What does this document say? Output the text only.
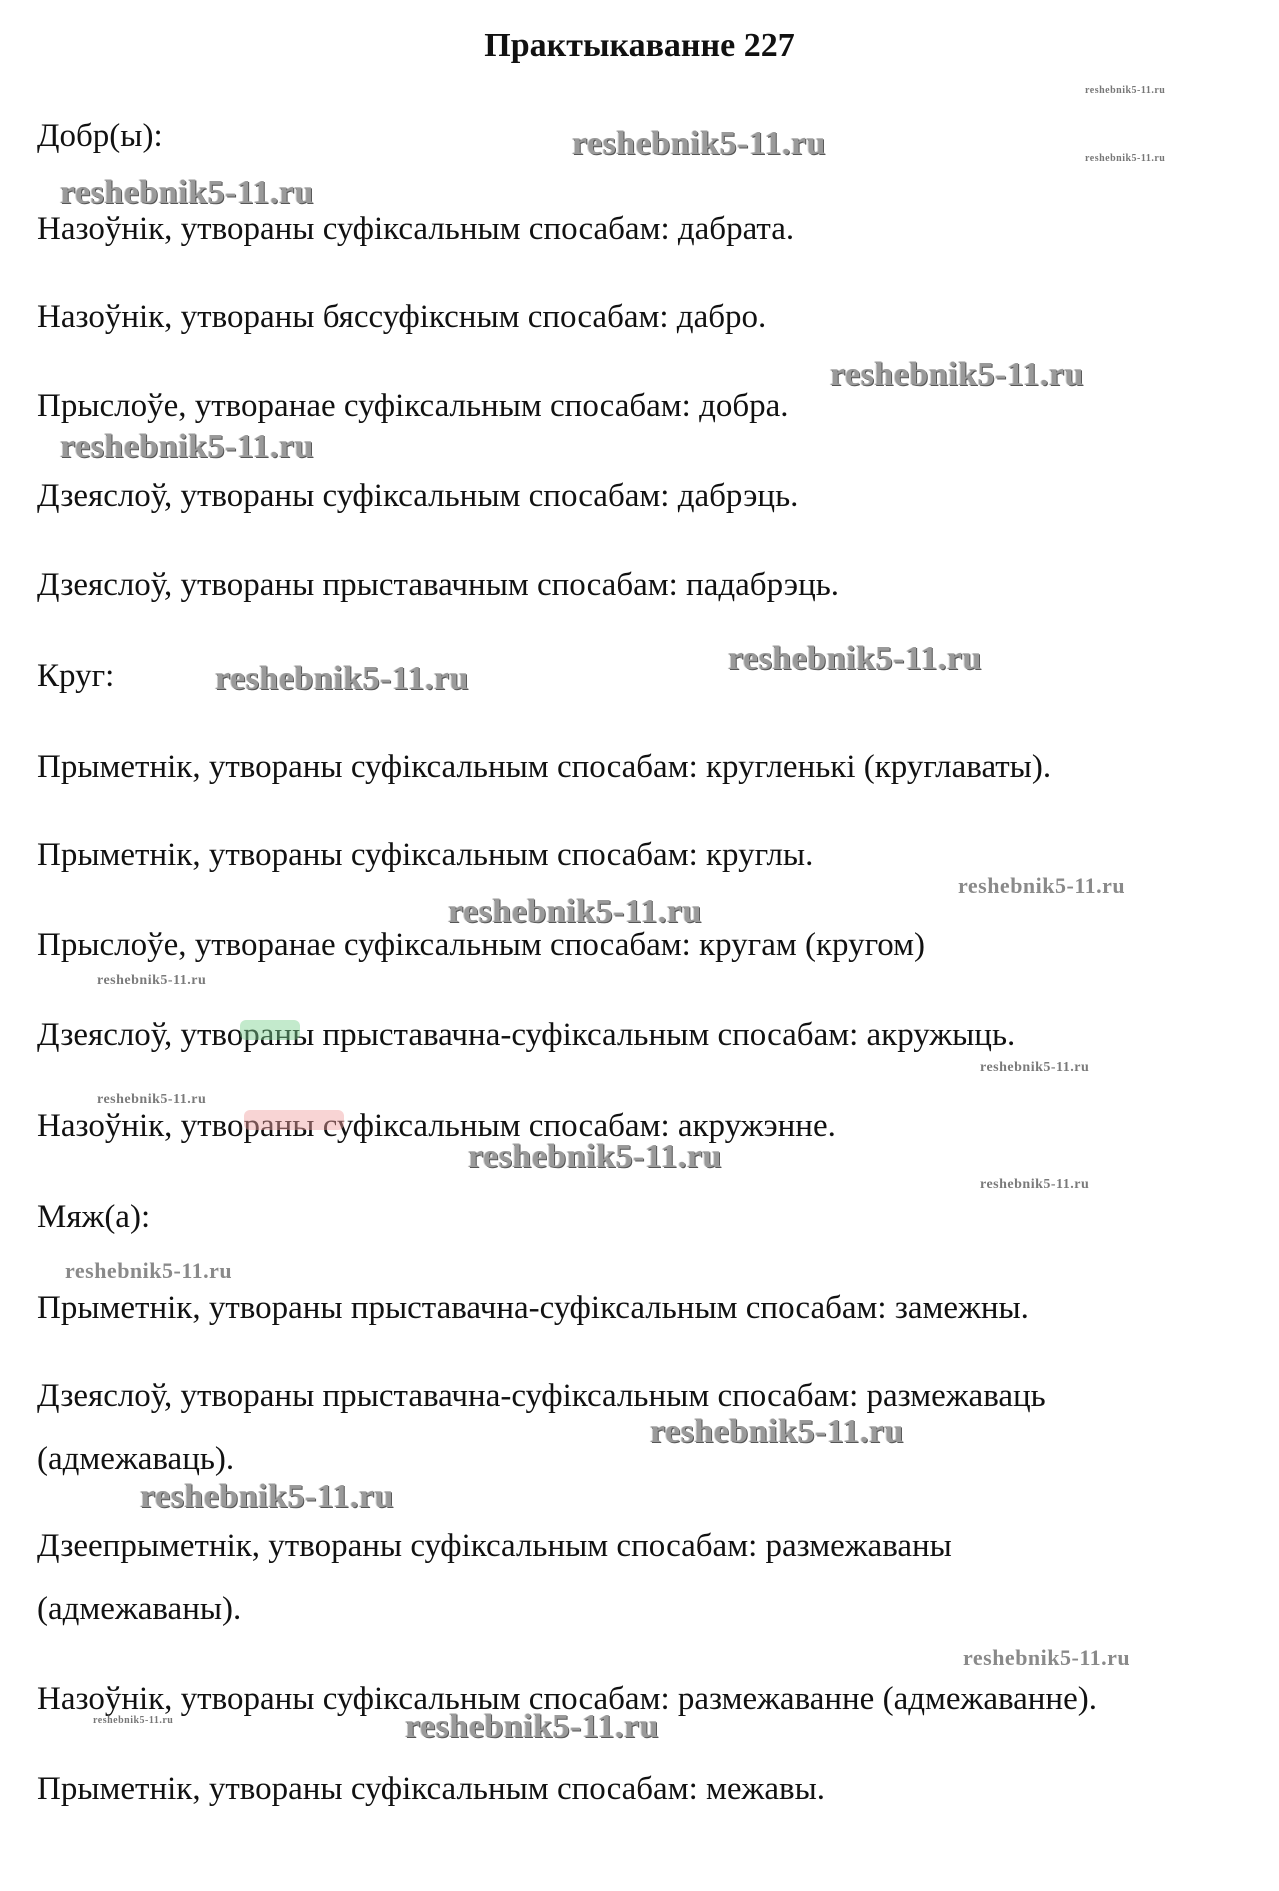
Практыкаванне 227
Добр(ы):
Назоўнік, утвораны суфіксальным спосабам: дабрата.
Назоўнік, утвораны бяссуфіксным спосабам: дабро.
Прыслоўе, утворанае суфіксальным спосабам: добра.
Дзеяслоў, утвораны суфіксальным спосабам: дабрэць.
Дзеяслоў, утвораны прыставачным спосабам: падабрэць.
Круг:
Прыметнік, утвораны суфіксальным спосабам: кругленькі (круглаваты).
Прыметнік, утвораны суфіксальным спосабам: круглы.
Прыслоўе, утворанае суфіксальным спосабам: кругам (кругом)
Дзеяслоў, утвораны прыставачна-суфіксальным спосабам: акружыць.
Назоўнік, утвораны суфіксальным спосабам: акружэнне.
Мяж(а):
Прыметнік, утвораны прыставачна-суфіксальным спосабам: замежны.
Дзеяслоў, утвораны прыставачна-суфіксальным спосабам: размежаваць
(адмежаваць).
Дзеепрыметнік, утвораны суфіксальным спосабам: размежаваны
(адмежаваны).
Назоўнік, утвораны суфіксальным спосабам: размежаванне (адмежаванне).
Прыметнік, утвораны суфіксальным спосабам: межавы.
reshebnik5-11.ru
reshebnik5-11.ru
reshebnik5-11.ru
reshebnik5-11.ru
reshebnik5-11.ru
reshebnik5-11.ru
reshebnik5-11.ru
reshebnik5-11.ru
reshebnik5-11.ru
reshebnik5-11.ru
reshebnik5-11.ru
reshebnik5-11.ru
reshebnik5-11.ru
reshebnik5-11.ru
reshebnik5-11.ru
reshebnik5-11.ru
reshebnik5-11.ru
reshebnik5-11.ru
reshebnik5-11.ru
reshebnik5-11.ru	reshebnik5-11.ru
